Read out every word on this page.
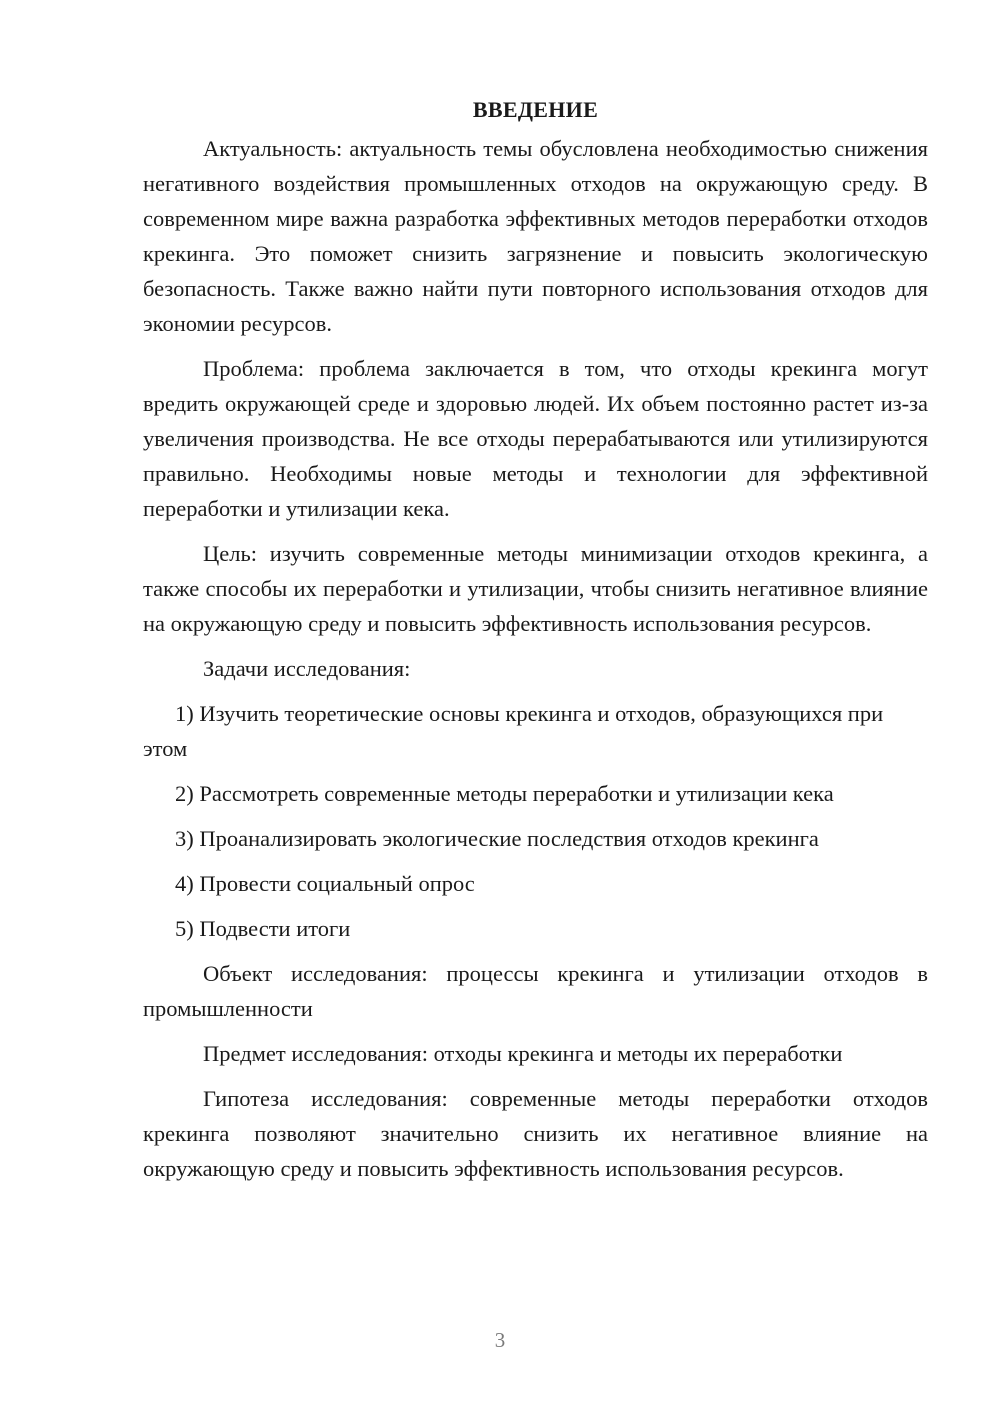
ВВЕДЕНИЕ

Актуальность: актуальность темы обусловлена необходимостью снижения негативного воздействия промышленных отходов на окружающую среду. В современном мире важна разработка эффективных методов переработки отходов крекинга. Это поможет снизить загрязнение и повысить экологическую безопасность. Также важно найти пути повторного использования отходов для экономии ресурсов.

Проблема: проблема заключается в том, что отходы крекинга могут вредить окружающей среде и здоровью людей. Их объем постоянно растет из-за увеличения производства. Не все отходы перерабатываются или утилизируются правильно. Необходимы новые методы и технологии для эффективной переработки и утилизации кека.

Цель: изучить современные методы минимизации отходов крекинга, а также способы их переработки и утилизации, чтобы снизить негативное влияние на окружающую среду и повысить эффективность использования ресурсов.

Задачи исследования:

1) Изучить теоретические основы крекинга и отходов, образующихся при этом

2) Рассмотреть современные методы переработки и утилизации кека

3) Проанализировать экологические последствия отходов крекинга

4) Провести социальный опрос

5) Подвести итоги

Объект исследования: процессы крекинга и утилизации отходов в промышленности

Предмет исследования: отходы крекинга и методы их переработки

Гипотеза исследования: современные методы переработки отходов крекинга позволяют значительно снизить их негативное влияние на окружающую среду и повысить эффективность использования ресурсов.

3
